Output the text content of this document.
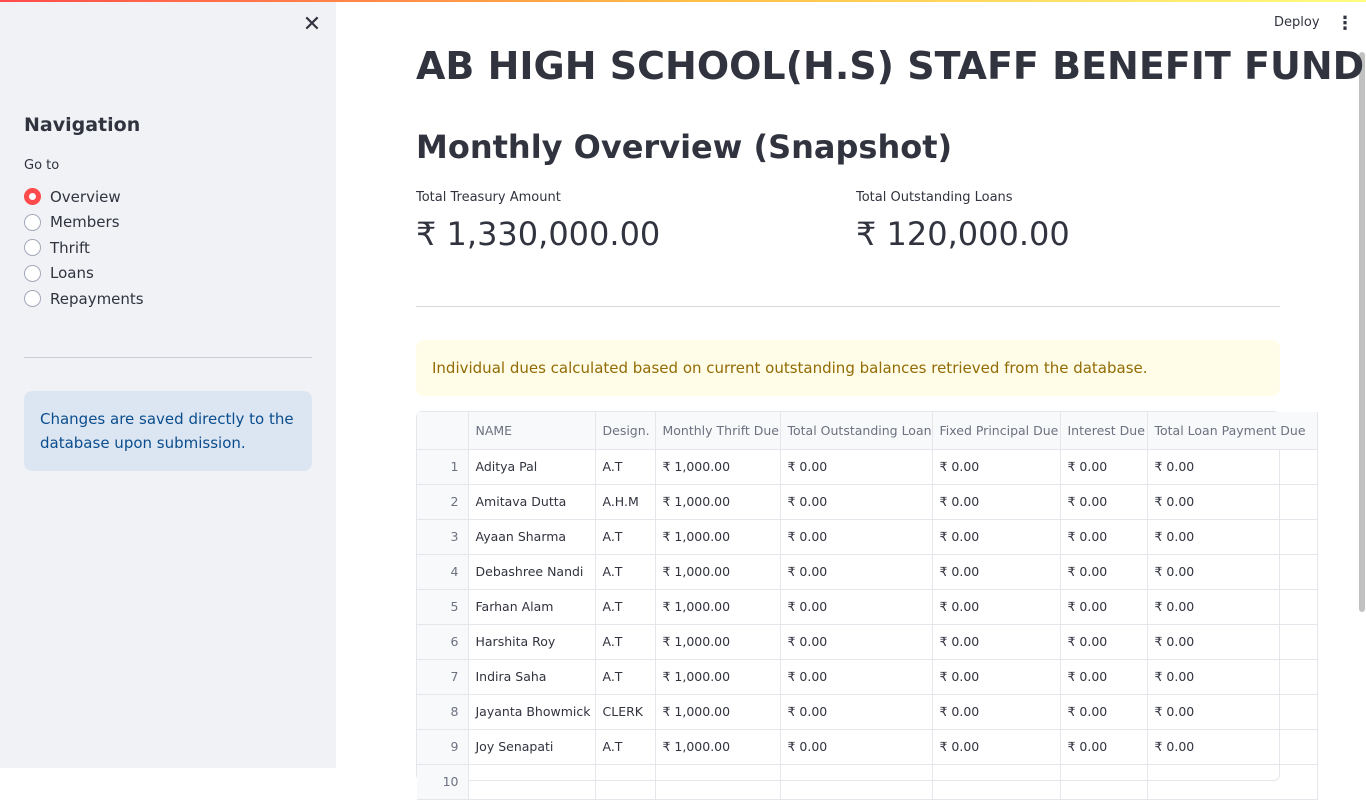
✕
Navigation
Go to
Overview
Members
Thrift
Loans
Repayments
Changes are saved directly to the database upon submission.
Deploy ⋮
AB HIGH SCHOOL(H.S) STAFF BENEFIT FUND
Monthly Overview (Snapshot)
Total Treasury Amount
₹ 1,330,000.00
Total Outstanding Loans
₹ 120,000.00
Individual dues calculated based on current outstanding balances retrieved from the database.
	NAME	Design.	Monthly Thrift Due	Total Outstanding Loan	Fixed Principal Due	Interest Due	Total Loan Payment Due
1	Aditya Pal	A.T	₹ 1,000.00	₹ 0.00	₹ 0.00	₹ 0.00	₹ 0.00
2	Amitava Dutta	A.H.M	₹ 1,000.00	₹ 0.00	₹ 0.00	₹ 0.00	₹ 0.00
3	Ayaan Sharma	A.T	₹ 1,000.00	₹ 0.00	₹ 0.00	₹ 0.00	₹ 0.00
4	Debashree Nandi	A.T	₹ 1,000.00	₹ 0.00	₹ 0.00	₹ 0.00	₹ 0.00
5	Farhan Alam	A.T	₹ 1,000.00	₹ 0.00	₹ 0.00	₹ 0.00	₹ 0.00
6	Harshita Roy	A.T	₹ 1,000.00	₹ 0.00	₹ 0.00	₹ 0.00	₹ 0.00
7	Indira Saha	A.T	₹ 1,000.00	₹ 0.00	₹ 0.00	₹ 0.00	₹ 0.00
8	Jayanta Bhowmick	CLERK	₹ 1,000.00	₹ 0.00	₹ 0.00	₹ 0.00	₹ 0.00
9	Joy Senapati	A.T	₹ 1,000.00	₹ 0.00	₹ 0.00	₹ 0.00	₹ 0.00
10							
